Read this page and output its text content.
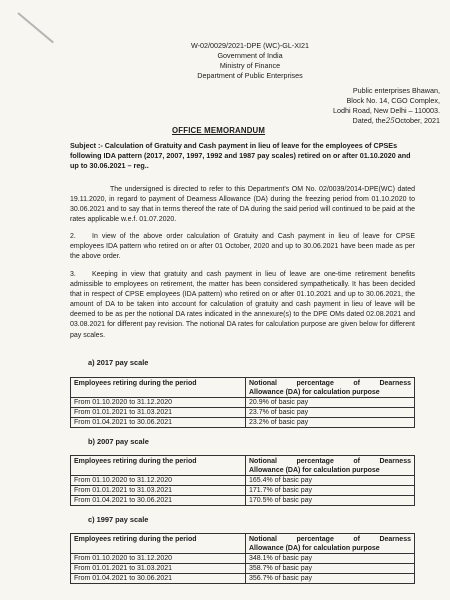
W-02/0029/2021-DPE (WC)-GL-XI21
Government of India
Ministry of Finance
Department of Public Enterprises
Public enterprises Bhawan,
Block No. 14, CGO Complex,
Lodhi Road, New Delhi – 110003.
Dated, the25October, 2021
OFFICE MEMORANDUM
Subject :- Calculation of Gratuity and Cash payment in lieu of leave for the employees of CPSEs following IDA pattern (2017, 2007, 1997, 1992 and 1987 pay scales) retired on or after 01.10.2020 and up to 30.06.2021 – reg..
The undersigned is directed to refer to this Department's OM No. 02/0039/2014-DPE(WC) dated 19.11.2020, in regard to payment of Dearness Allowance (DA) during the freezing period from 01.10.2020 to 30.06.2021 and to say that in terms thereof the rate of DA during the said period will continued to be paid at the rates applicable w.e.f. 01.07.2020.
2. In view of the above order calculation of Gratuity and Cash payment in lieu of leave for CPSE employees IDA pattern who retired on or after 01 October, 2020 and up to 30.06.2021 have been made as per the above order.
3. Keeping in view that gratuity and cash payment in lieu of leave are one-time retirement benefits admissible to employees on retirement, the matter has been considered sympathetically. It has been decided that in respect of CPSE employees (IDA pattern) who retired on or after 01.10.2021 and up to 30.06.2021, the amount of DA to be taken into account for calculation of gratuity and cash payment in lieu of leave will be deemed to be as per the notional DA rates indicated in the annexure(s) to the DPE OMs dated 02.08.2021 and 03.08.2021 for different pay revision. The notional DA rates for calculation purpose are given below for different pay scales.
a) 2017 pay scale
Employees retiring during the period	Notional percentage of Dearness
Allowance (DA) for calculation purpose

From 01.10.2020 to 31.12.2020	20.9% of basic pay
From 01.01.2021 to 31.03.2021	23.7% of basic pay
From 01.04.2021 to 30.06.2021	23.2% of basic pay
b) 2007 pay scale
Employees retiring during the period	Notional percentage of Dearness
Allowance (DA) for calculation purpose

From 01.10.2020 to 31.12.2020	165.4% of basic pay
From 01.01.2021 to 31.03.2021	171.7% of basic pay
From 01.04.2021 to 30.06.2021	170.5% of basic pay
c) 1997 pay scale
Employees retiring during the period	Notional percentage of Dearness
Allowance (DA) for calculation purpose

From 01.10.2020 to 31.12.2020	348.1% of basic pay
From 01.01.2021 to 31.03.2021	358.7% of basic pay
From 01.04.2021 to 30.06.2021	356.7% of basic pay
